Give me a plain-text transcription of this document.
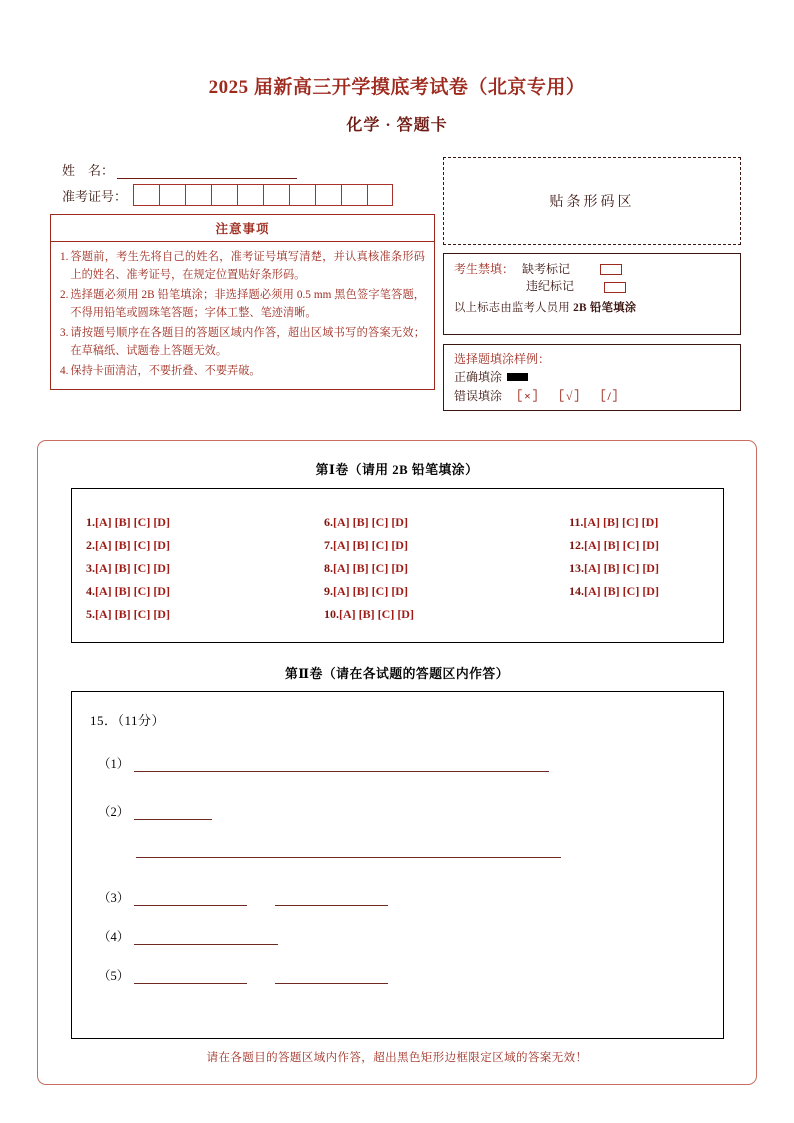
2025 届新高三开学摸底考试卷（北京专用）
化学 · 答题卡
姓    名：
准考证号：
注意事项
1. 答题前，考生先将自己的姓名，准考证号填写清楚，并认真核准条形码上的姓名、准考证号，在规定位置贴好条形码。
2. 选择题必须用 2B 铅笔填涂；非选择题必须用 0.5 mm 黑色签字笔答题，不得用铅笔或圆珠笔答题；字体工整、笔迹清晰。
3. 请按题号顺序在各题目的答题区域内作答，超出区域书写的答案无效；在草稿纸、试题卷上答题无效。
4. 保持卡面清洁，不要折叠、不要弄破。
贴条形码区
考生禁填： 缺考标记
违纪标记
以上标志由监考人员用 2B 铅笔填涂
选择题填涂样例：
正确填涂
错误填涂 ［×］ ［√］ ［/］
第Ⅰ卷（请用 2B 铅笔填涂）
1.[A] [B] [C] [D]
2.[A] [B] [C] [D]
3.[A] [B] [C] [D]
4.[A] [B] [C] [D]
5.[A] [B] [C] [D]
6.[A] [B] [C] [D]
7.[A] [B] [C] [D]
8.[A] [B] [C] [D]
9.[A] [B] [C] [D]
10.[A] [B] [C] [D]
11.[A] [B] [C] [D]
12.[A] [B] [C] [D]
13.[A] [B] [C] [D]
14.[A] [B] [C] [D]
第Ⅱ卷（请在各试题的答题区内作答）
15．（11分）
（1）
（2）
（3）
（4）
（5）
请在各题目的答题区域内作答，超出黑色矩形边框限定区域的答案无效！
